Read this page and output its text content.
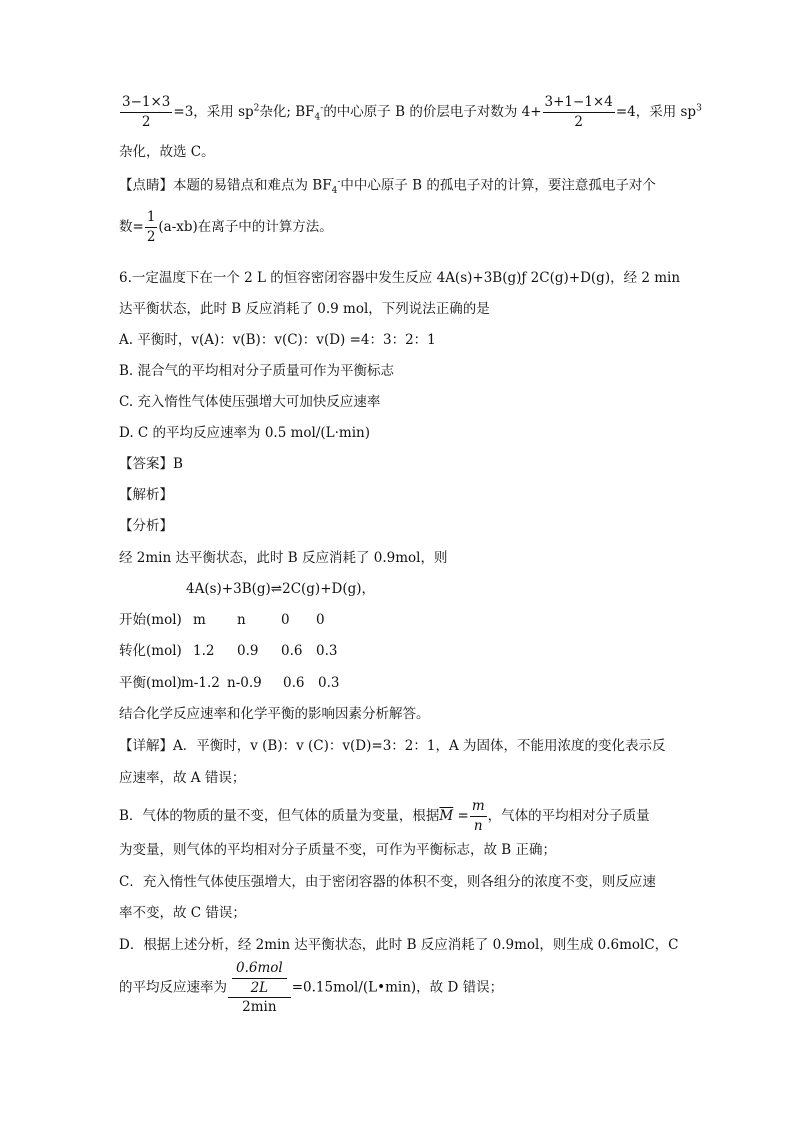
$\frac{3-1\times 3}{2} =3$，采用 $sp^2$杂化; $BF_4^-$的中心原子 B 的价层电子对数为 $4+ \frac{3+1-1\times 4}{2} =4$，采用 $sp^3$
杂化，故选 C。
【点睛】本题的易错点和难点为 $BF_4^-$中中心原子 B 的孤电子对的计算，要注意孤电子对个
数= $\frac{1}{2} (a-xb)$在离子中的计算方法。
6.一定温度下在一个 2 L 的恒容密闭容器中发生反应 4A(s)+3B(g)ƒ 2C(g)+D(g)，经 2 min
达平衡状态，此时 B 反应消耗了 0.9 mol，下列说法正确的是
A. 平衡时，v(A)：v(B)：v(C)：v(D) =4：3：2：1
B. 混合气的平均相对分子质量可作为平衡标志
C. 充入惰性气体使压强增大可加快反应速率
D. C 的平均反应速率为 0.5 mol/(L·min)
【答案】B
【解析】
【分析】
经 2min 达平衡状态，此时 B 反应消耗了 0.9mol，则
4A(s)+3B(g)⇌2C(g)+D(g)，
开始(mol) m n	0 0
转化(mol) 1.2 0.9 0.6 0.3
平衡(mol)m-1.2 n-0.9 0.6 0.3
结合化学反应速率和化学平衡的影响因素分析解答。
【详解】A．平衡时，v (B)：v (C)：v(D)=3：2：1，A 为固体，不能用浓度的变化表示反
应速率，故 A 错误；
B．气体的物质的量不变，但气体的质量为变量，根据$\overline{M} = \frac{m}{n}$ ，气体的平均相对分子质量
为变量，则气体的平均相对分子质量不变，可作为平衡标志，故 B 正确；
C．充入惰性气体使压强增大，由于密闭容器的体积不变，则各组分的浓度不变，则反应速
率不变，故 C 错误；
D．根据上述分析，经 2min 达平衡状态，此时 B 反应消耗了 0.9mol，则生成 0.6molC，C
的平均反应速率为 $\frac{\frac{\text{0.6mol}}{2L}}{2\min}$ =0.15mol/(L•min)，故 D 错误；
